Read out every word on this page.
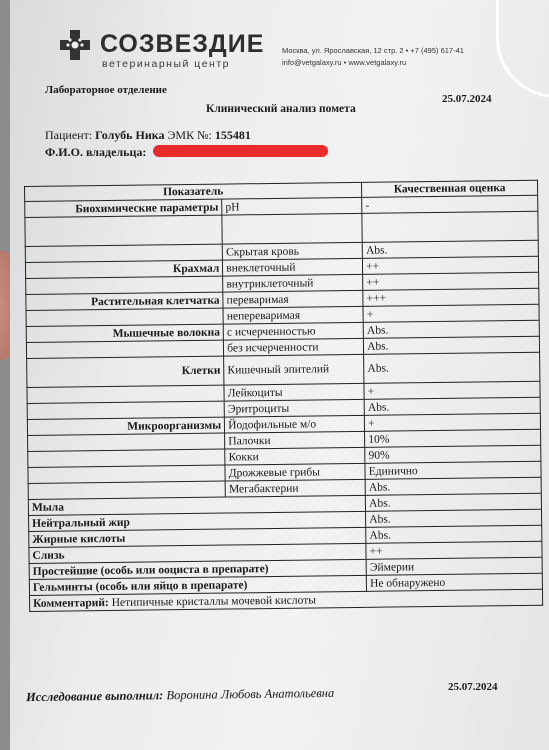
СОЗВЕЗДИЕ
ветеринарный центр
Москва, ул. Ярославская, 12 стр. 2 • +7 (495) 617-41
info@vetgalaxy.ru • www.vetgalaxy.ru
Лабораторное отделение
25.07.2024
Клинический анализ помета
Пациент: Голубь Ника ЭМК №: 155481
Ф.И.О. владельца:
Показатель		Качественная оценка
Биохимические параметры	pH	-

	Скрытая кровь	Abs.
Крахмал	внеклеточный	++
	внутриклеточный	++
Растительная клетчатка	переваримая	+++
	непереваримая	+
Мышечные волокна	с исчерченностью	Abs.
	без исчерченности	Abs.
Клетки	Кишечный эпителий	Abs.
	Лейкоциты	+
	Эритроциты	Abs.
Микроорганизмы	Йодофильные м/о	+
	Палочки	10%
	Кокки	90%
	Дрожжевые грибы	Единично
	Мегабактерии	Abs.
Мыла		Abs.
Нейтральный жир		Abs.
Жирные кислоты		Abs.
Слизь		++
Простейшие (особь или ооциста в препарате)		Эймерии
Гельминты (особь или яйцо в препарате)		Не обнаружено
Комментарий: Нетипичные кристаллы мочевой кислоты		
Исследование выполнил: Воронина Любовь Анатольевна	25.07.2024
